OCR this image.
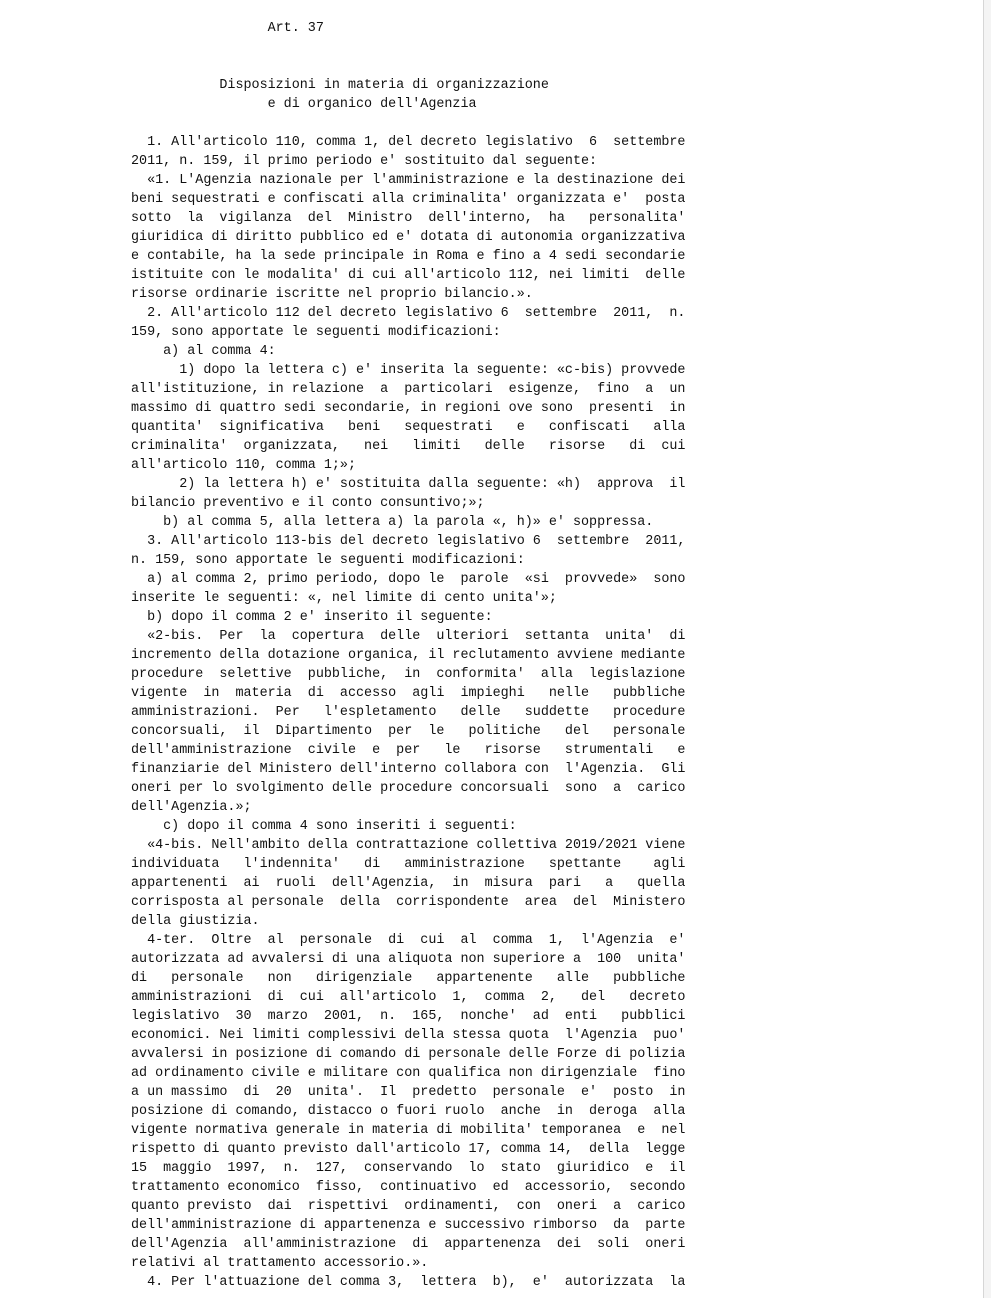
Art. 37
Disposizioni in materia di organizzazione
e di organico dell'Agenzia
1. All'articolo 110, comma 1, del decreto legislativo  6  settembre
2011, n. 159, il primo periodo e' sostituito dal seguente:
«1. L'Agenzia nazionale per l'amministrazione e la destinazione dei
beni sequestrati e confiscati alla criminalita' organizzata e'  posta
sotto  la  vigilanza  del  Ministro  dell'interno,  ha   personalita'
giuridica di diritto pubblico ed e' dotata di autonomia organizzativa
e contabile, ha la sede principale in Roma e fino a 4 sedi secondarie
istituite con le modalita' di cui all'articolo 112, nei limiti  delle
risorse ordinarie iscritte nel proprio bilancio.».
2. All'articolo 112 del decreto legislativo 6  settembre  2011,  n.
159, sono apportate le seguenti modificazioni:
a) al comma 4:
1) dopo la lettera c) e' inserita la seguente: «c-bis) provvede
all'istituzione, in relazione  a  particolari  esigenze,  fino  a  un
massimo di quattro sedi secondarie, in regioni ove sono  presenti  in
quantita'  significativa   beni   sequestrati   e   confiscati   alla
criminalita'  organizzata,   nei   limiti   delle   risorse   di  cui
all'articolo 110, comma 1;»;
2) la lettera h) e' sostituita dalla seguente: «h)  approva  il
bilancio preventivo e il conto consuntivo;»;
b) al comma 5, alla lettera a) la parola «, h)» e' soppressa.
3. All'articolo 113-bis del decreto legislativo 6  settembre  2011,
n. 159, sono apportate le seguenti modificazioni:
a) al comma 2, primo periodo, dopo le  parole  «si  provvede»  sono
inserite le seguenti: «, nel limite di cento unita'»;
b) dopo il comma 2 e' inserito il seguente:
«2-bis.  Per  la  copertura  delle  ulteriori  settanta  unita'  di
incremento della dotazione organica, il reclutamento avviene mediante
procedure  selettive  pubbliche,  in  conformita'  alla  legislazione
vigente  in  materia  di  accesso  agli  impieghi   nelle   pubbliche
amministrazioni.  Per   l'espletamento   delle   suddette   procedure
concorsuali,  il  Dipartimento  per  le   politiche   del   personale
dell'amministrazione  civile  e  per   le   risorse   strumentali   e
finanziarie del Ministero dell'interno collabora con  l'Agenzia.  Gli
oneri per lo svolgimento delle procedure concorsuali  sono  a  carico
dell'Agenzia.»;
c) dopo il comma 4 sono inseriti i seguenti:
«4-bis. Nell'ambito della contrattazione collettiva 2019/2021 viene
individuata   l'indennita'   di   amministrazione   spettante    agli
appartenenti  ai  ruoli  dell'Agenzia,  in  misura  pari   a   quella
corrisposta al personale  della  corrispondente  area  del  Ministero
della giustizia.
4-ter.  Oltre  al  personale  di  cui  al  comma  1,  l'Agenzia  e'
autorizzata ad avvalersi di una aliquota non superiore a  100  unita'
di   personale   non   dirigenziale   appartenente   alle   pubbliche
amministrazioni  di  cui  all'articolo  1,  comma  2,   del   decreto
legislativo  30  marzo  2001,  n.  165,  nonche'  ad  enti   pubblici
economici. Nei limiti complessivi della stessa quota  l'Agenzia  puo'
avvalersi in posizione di comando di personale delle Forze di polizia
ad ordinamento civile e militare con qualifica non dirigenziale  fino
a un massimo  di  20  unita'.  Il  predetto  personale  e'  posto  in
posizione di comando, distacco o fuori ruolo  anche  in  deroga  alla
vigente normativa generale in materia di mobilita' temporanea  e  nel
rispetto di quanto previsto dall'articolo 17, comma 14,  della  legge
15  maggio  1997,  n.  127,  conservando  lo  stato  giuridico  e  il
trattamento economico  fisso,  continuativo  ed  accessorio,  secondo
quanto previsto  dai  rispettivi  ordinamenti,  con  oneri  a  carico
dell'amministrazione di appartenenza e successivo rimborso  da  parte
dell'Agenzia  all'amministrazione  di  appartenenza  dei  soli  oneri
relativi al trattamento accessorio.».
4. Per l'attuazione del comma 3,  lettera  b),  e'  autorizzata  la
